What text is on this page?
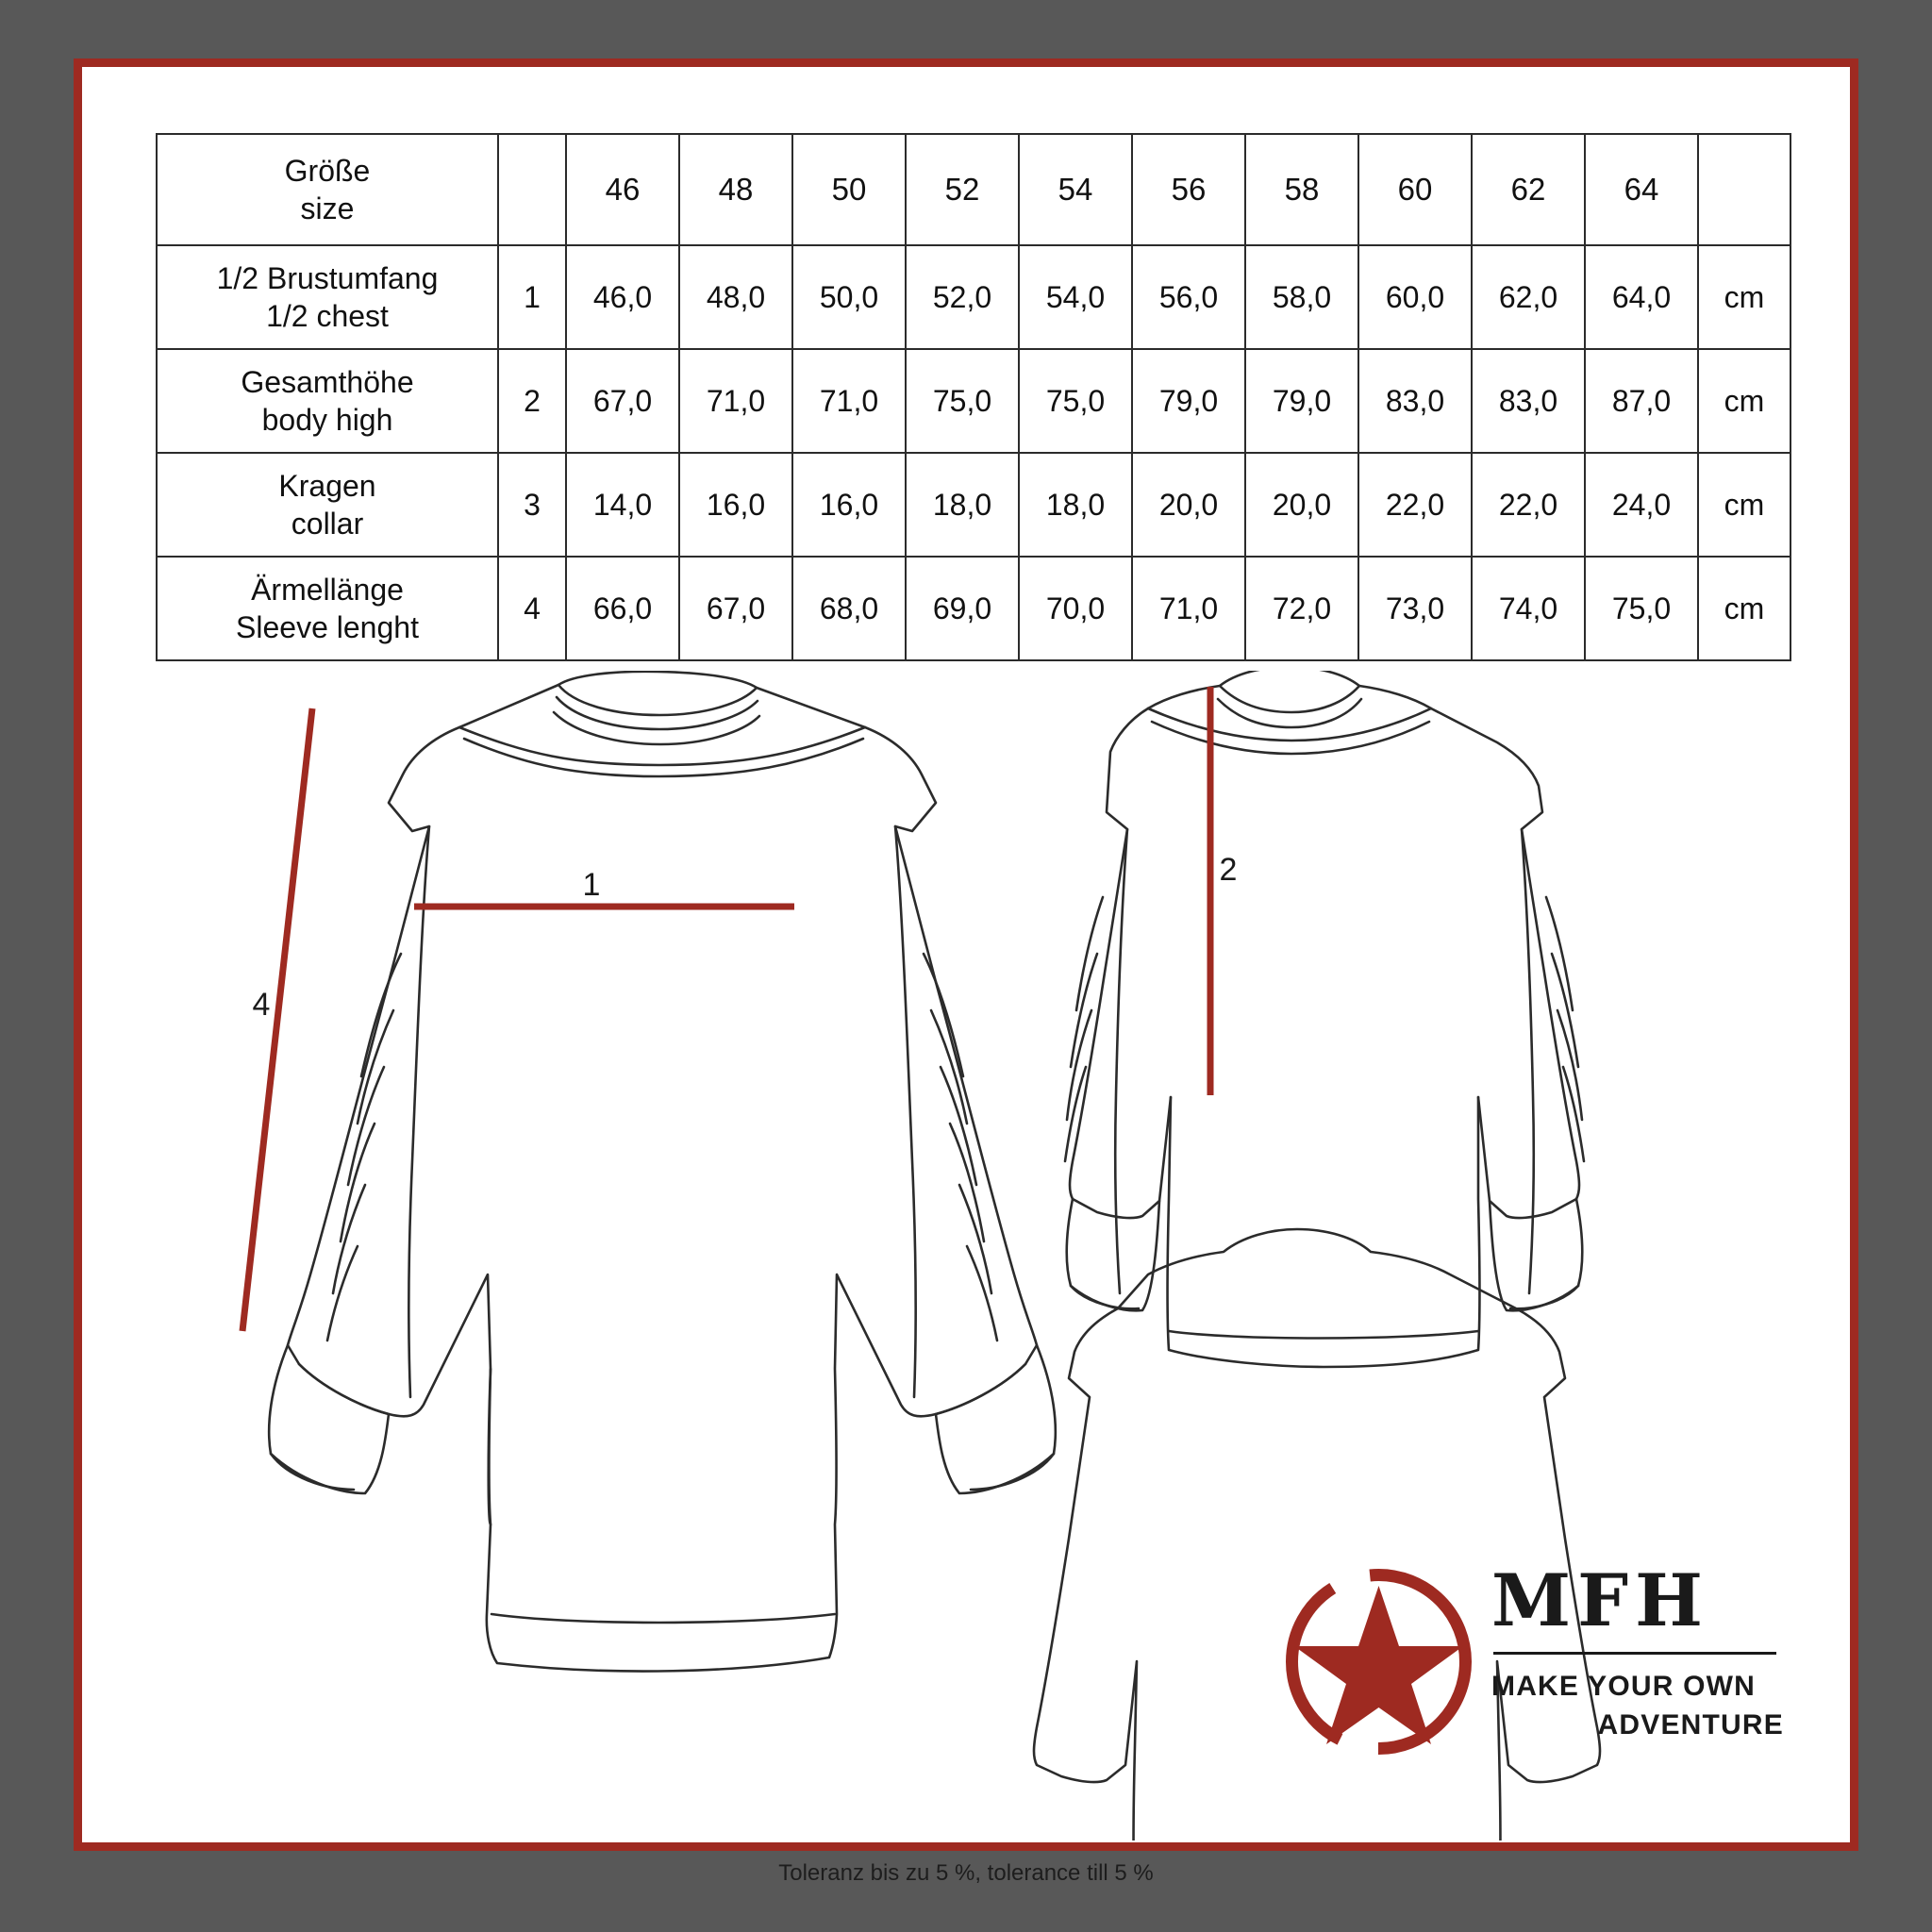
Größe
size		46	48	50	52	54	56	58	60	62	64	

1/2 Brustumfang
1/2 chest	1	46,0	48,0	50,0	52,0	54,0	56,0	58,0	60,0	62,0	64,0	cm

Gesamthöhe
body high	2	67,0	71,0	71,0	75,0	75,0	79,0	79,0	83,0	83,0	87,0	cm

Kragen
collar	3	14,0	16,0	16,0	18,0	18,0	20,0	20,0	22,0	22,0	24,0	cm

Ärmellänge
Sleeve lenght	4	66,0	67,0	68,0	69,0	70,0	71,0	72,0	73,0	74,0	75,0	cm
1	2
4
MFH
MAKE YOUR OWN
ADVENTURE
Toleranz bis zu 5 %, tolerance till 5 %
